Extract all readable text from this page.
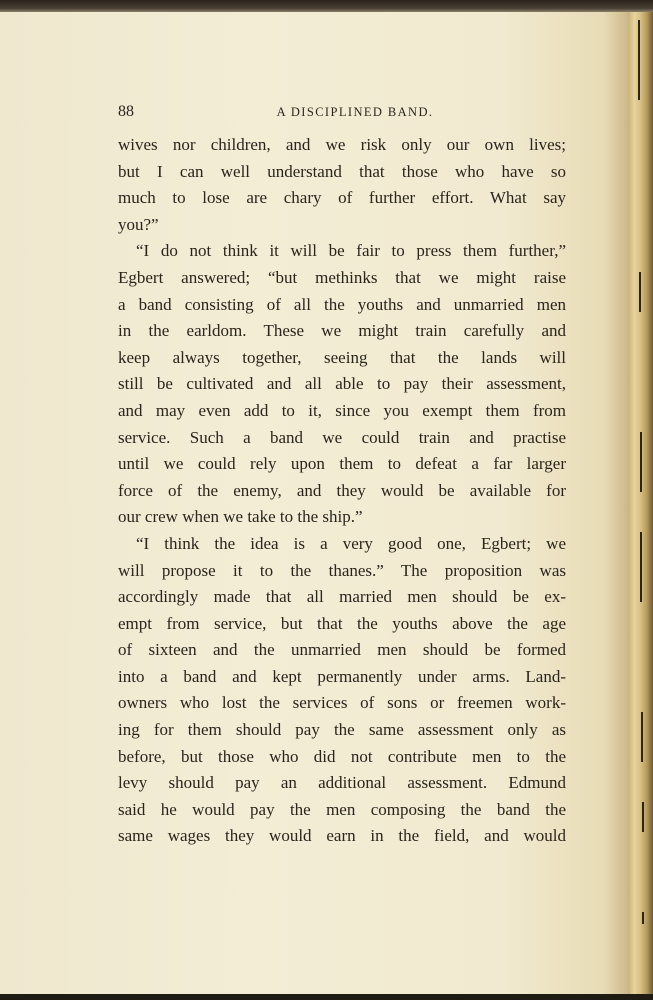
88	A DISCIPLINED BAND.
wives nor children, and we risk only our own lives;
but I can well understand that those who have so
much to lose are chary of further effort. What say
you?”
“I do not think it will be fair to press them further,”
Egbert answered; “but methinks that we might raise
a band consisting of all the youths and unmarried men
in the earldom. These we might train carefully and
keep always together, seeing that the lands will
still be cultivated and all able to pay their assessment,
and may even add to it, since you exempt them from
service. Such a band we could train and practise
until we could rely upon them to defeat a far larger
force of the enemy, and they would be available for
our crew when we take to the ship.”
“I think the idea is a very good one, Egbert; we
will propose it to the thanes.” The proposition was
accordingly made that all married men should be ex-
empt from service, but that the youths above the age
of sixteen and the unmarried men should be formed
into a band and kept permanently under arms. Land-
owners who lost the services of sons or freemen work-
ing for them should pay the same assessment only as
before, but those who did not contribute men to the
levy should pay an additional assessment. Edmund
said he would pay the men composing the band the
same wages they would earn in the field, and would
